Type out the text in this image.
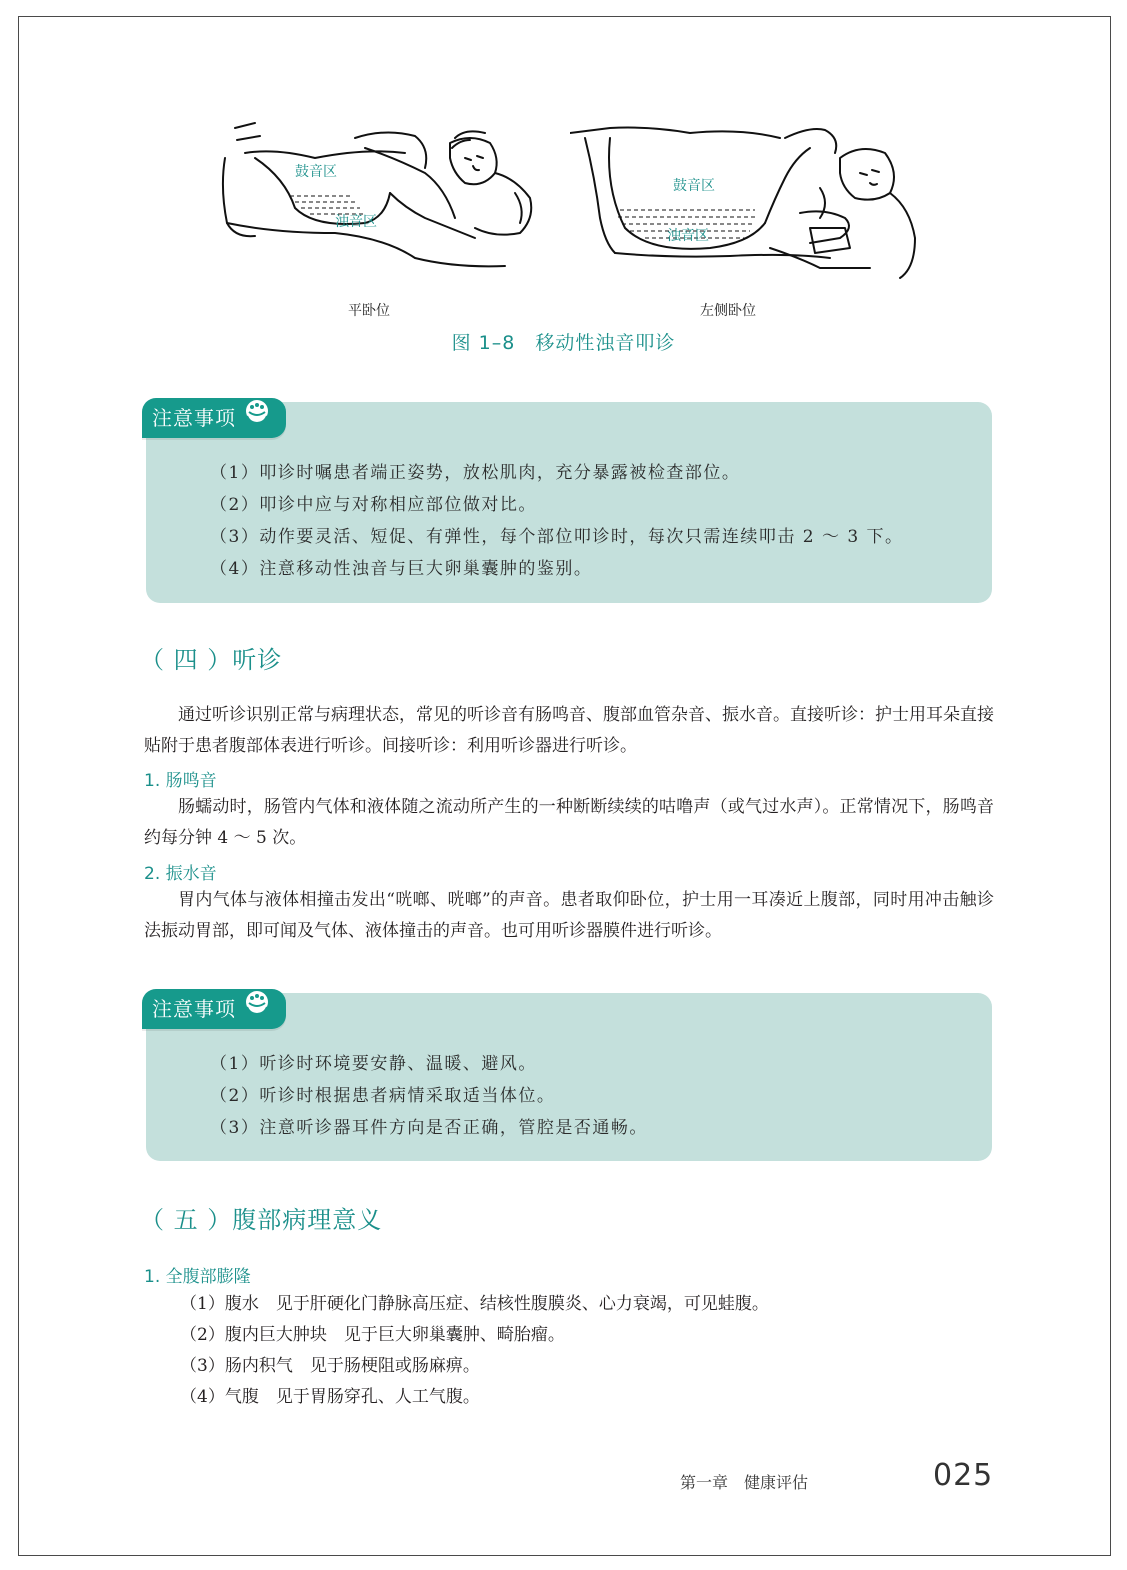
鼓音区
浊音区
平卧位
鼓音区
浊音区
左侧卧位
图 1–8 移动性浊音叩诊
注意事项
（1）叩诊时嘱患者端正姿势，放松肌肉，充分暴露被检查部位。
（2）叩诊中应与对称相应部位做对比。
（3）动作要灵活、短促、有弹性，每个部位叩诊时，每次只需连续叩击 2 ～ 3 下。
（4）注意移动性浊音与巨大卵巢囊肿的鉴别。
（ 四 ）听诊

通过听诊识别正常与病理状态，常见的听诊音有肠鸣音、腹部血管杂音、振水音。直接听诊：护士用耳朵直接贴附于患者腹部体表进行听诊。间接听诊：利用听诊器进行听诊。

1. 肠鸣音

肠蠕动时，肠管内气体和液体随之流动所产生的一种断断续续的咕噜声（或气过水声）。正常情况下，肠鸣音约每分钟 4 ～ 5 次。

2. 振水音

胃内气体与液体相撞击发出“咣啷、咣啷”的声音。患者取仰卧位，护士用一耳凑近上腹部，同时用冲击触诊法振动胃部，即可闻及气体、液体撞击的声音。也可用听诊器膜件进行听诊。

注意事项
（1）听诊时环境要安静、温暖、避风。
（2）听诊时根据患者病情采取适当体位。
（3）注意听诊器耳件方向是否正确，管腔是否通畅。
（ 五 ）腹部病理意义
1. 全腹部膨隆
（1）腹水　见于肝硬化门静脉高压症、结核性腹膜炎、心力衰竭，可见蛙腹。
（2）腹内巨大肿块　见于巨大卵巢囊肿、畸胎瘤。
（3）肠内积气　见于肠梗阻或肠麻痹。
（4）气腹　见于胃肠穿孔、人工气腹。
第一章　健康评估	025
